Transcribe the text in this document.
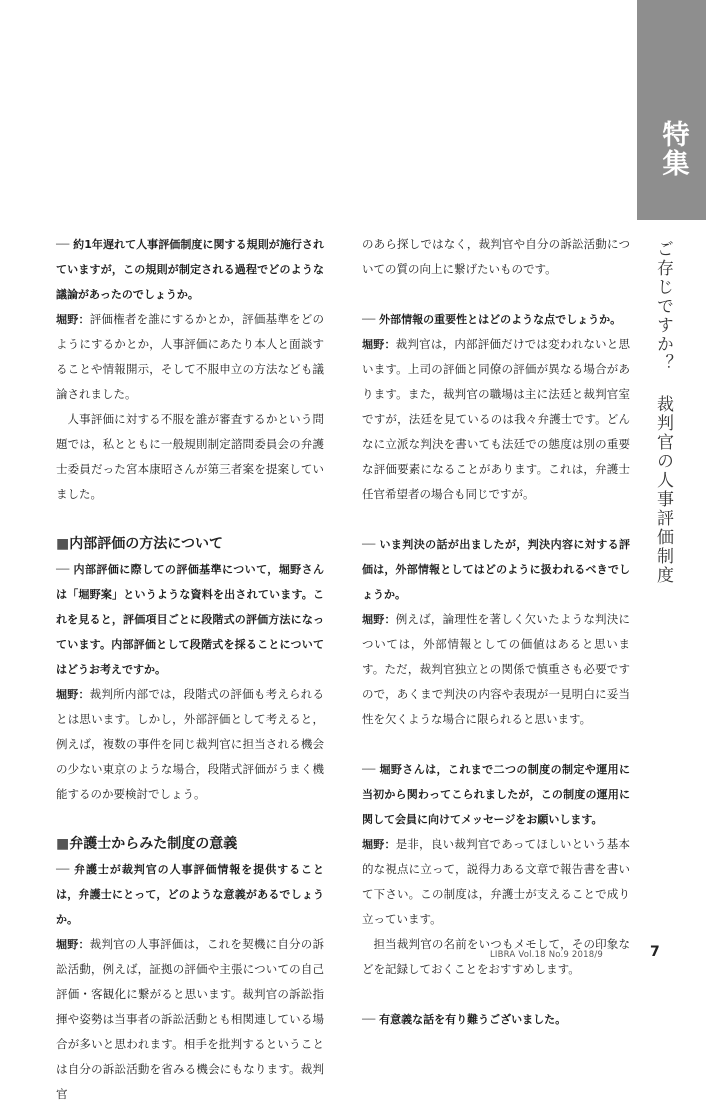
特集
ご存じですか？ 裁判官の人事評価制度

── 約1年遅れて人事評価制度に関する規則が施行されていますが，この規則が制定される過程でどのような議論があったのでしょうか。

堀野：評価権者を誰にするかとか，評価基準をどのようにするかとか，人事評価にあたり本人と面談することや情報開示，そして不服申立の方法なども議論されました。

人事評価に対する不服を誰が審査するかという問題では，私とともに一般規則制定諮問委員会の弁護士委員だった宮本康昭さんが第三者案を提案していました。

■内部評価の方法について

── 内部評価に際しての評価基準について，堀野さんは「堀野案」というような資料を出されています。これを見ると，評価項目ごとに段階式の評価方法になっています。内部評価として段階式を採ることについてはどうお考えですか。

堀野：裁判所内部では，段階式の評価も考えられるとは思います。しかし，外部評価として考えると，例えば，複数の事件を同じ裁判官に担当される機会の少ない東京のような場合，段階式評価がうまく機能するのか要検討でしょう。

■弁護士からみた制度の意義

── 弁護士が裁判官の人事評価情報を提供することは，弁護士にとって，どのような意義があるでしょうか。

堀野：裁判官の人事評価は，これを契機に自分の訴訟活動，例えば，証拠の評価や主張についての自己評価・客観化に繋がると思います。裁判官の訴訟指揮や姿勢は当事者の訴訟活動とも相関連している場合が多いと思われます。相手を批判するということは自分の訴訟活動を省みる機会にもなります。裁判官

のあら探しではなく，裁判官や自分の訴訟活動についての質の向上に繋げたいものです。

── 外部情報の重要性とはどのような点でしょうか。

堀野：裁判官は，内部評価だけでは変われないと思います。上司の評価と同僚の評価が異なる場合があります。また，裁判官の職場は主に法廷と裁判官室ですが，法廷を見ているのは我々弁護士です。どんなに立派な判決を書いても法廷での態度は別の重要な評価要素になることがあります。これは，弁護士任官希望者の場合も同じですが。

── いま判決の話が出ましたが，判決内容に対する評価は，外部情報としてはどのように扱われるべきでしょうか。

堀野：例えば，論理性を著しく欠いたような判決については，外部情報としての価値はあると思います。ただ，裁判官独立との関係で慎重さも必要ですので，あくまで判決の内容や表現が一見明白に妥当性を欠くような場合に限られると思います。

── 堀野さんは，これまで二つの制度の制定や運用に当初から関わってこられましたが，この制度の運用に関して会員に向けてメッセージをお願いします。

堀野：是非，良い裁判官であってほしいという基本的な視点に立って，説得力ある文章で報告書を書いて下さい。この制度は，弁護士が支えることで成り立っています。

担当裁判官の名前をいつもメモして，その印象などを記録しておくことをおすすめします。

── 有意義な話を有り難うございました。

LIBRA Vol.18 No.9 2018/9	7
